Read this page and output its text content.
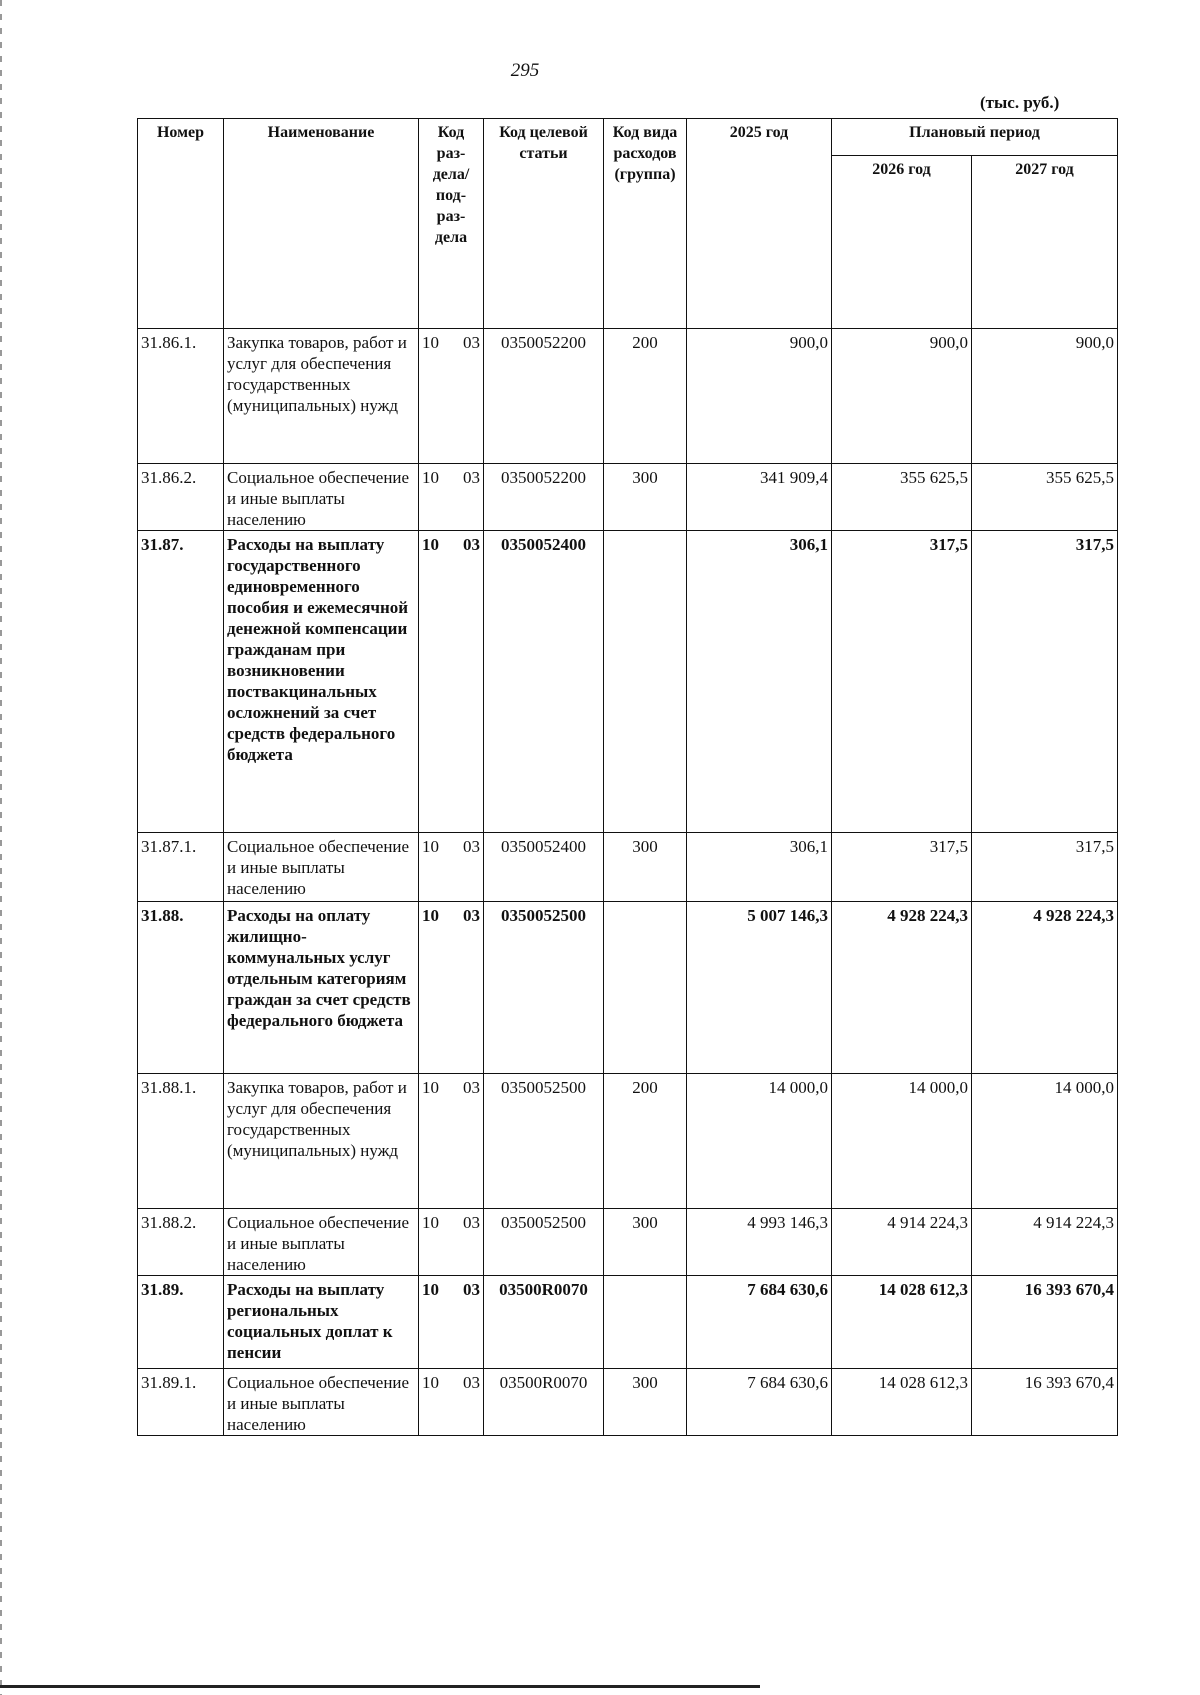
295
(тыс. руб.)
Номер	Наименование	Код раз-дела/ под-раз-дела	Код целевой статьи	Код вида расходов (группа)	2025 год	Плановый период	
						2026 год	2027 год
31.86.1.	Закупка товаров, работ и услуг для обеспечения государственных (муниципальных) нужд	10 03	0350052200	200	900,0	900,0	900,0
31.86.2.	Социальное обеспечение и иные выплаты населению	10 03	0350052200	300	341 909,4	355 625,5	355 625,5
31.87.	Расходы на выплату государственного единовременного пособия и ежемесячной денежной компенсации гражданам при возникновении поствакцинальных осложнений за счет средств федерального бюджета	10 03	0350052400		306,1	317,5	317,5
31.87.1.	Социальное обеспечение и иные выплаты населению	10 03	0350052400	300	306,1	317,5	317,5
31.88.	Расходы на оплату жилищно-коммунальных услуг отдельным категориям граждан за счет средств федерального бюджета	10 03	0350052500		5 007 146,3	4 928 224,3	4 928 224,3
31.88.1.	Закупка товаров, работ и услуг для обеспечения государственных (муниципальных) нужд	10 03	0350052500	200	14 000,0	14 000,0	14 000,0
31.88.2.	Социальное обеспечение и иные выплаты населению	10 03	0350052500	300	4 993 146,3	4 914 224,3	4 914 224,3
31.89.	Расходы на выплату региональных социальных доплат к пенсии	10 03	03500R0070		7 684 630,6	14 028 612,3	16 393 670,4
31.89.1.	Социальное обеспечение и иные выплаты населению	10 03	03500R0070	300	7 684 630,6	14 028 612,3	16 393 670,4
